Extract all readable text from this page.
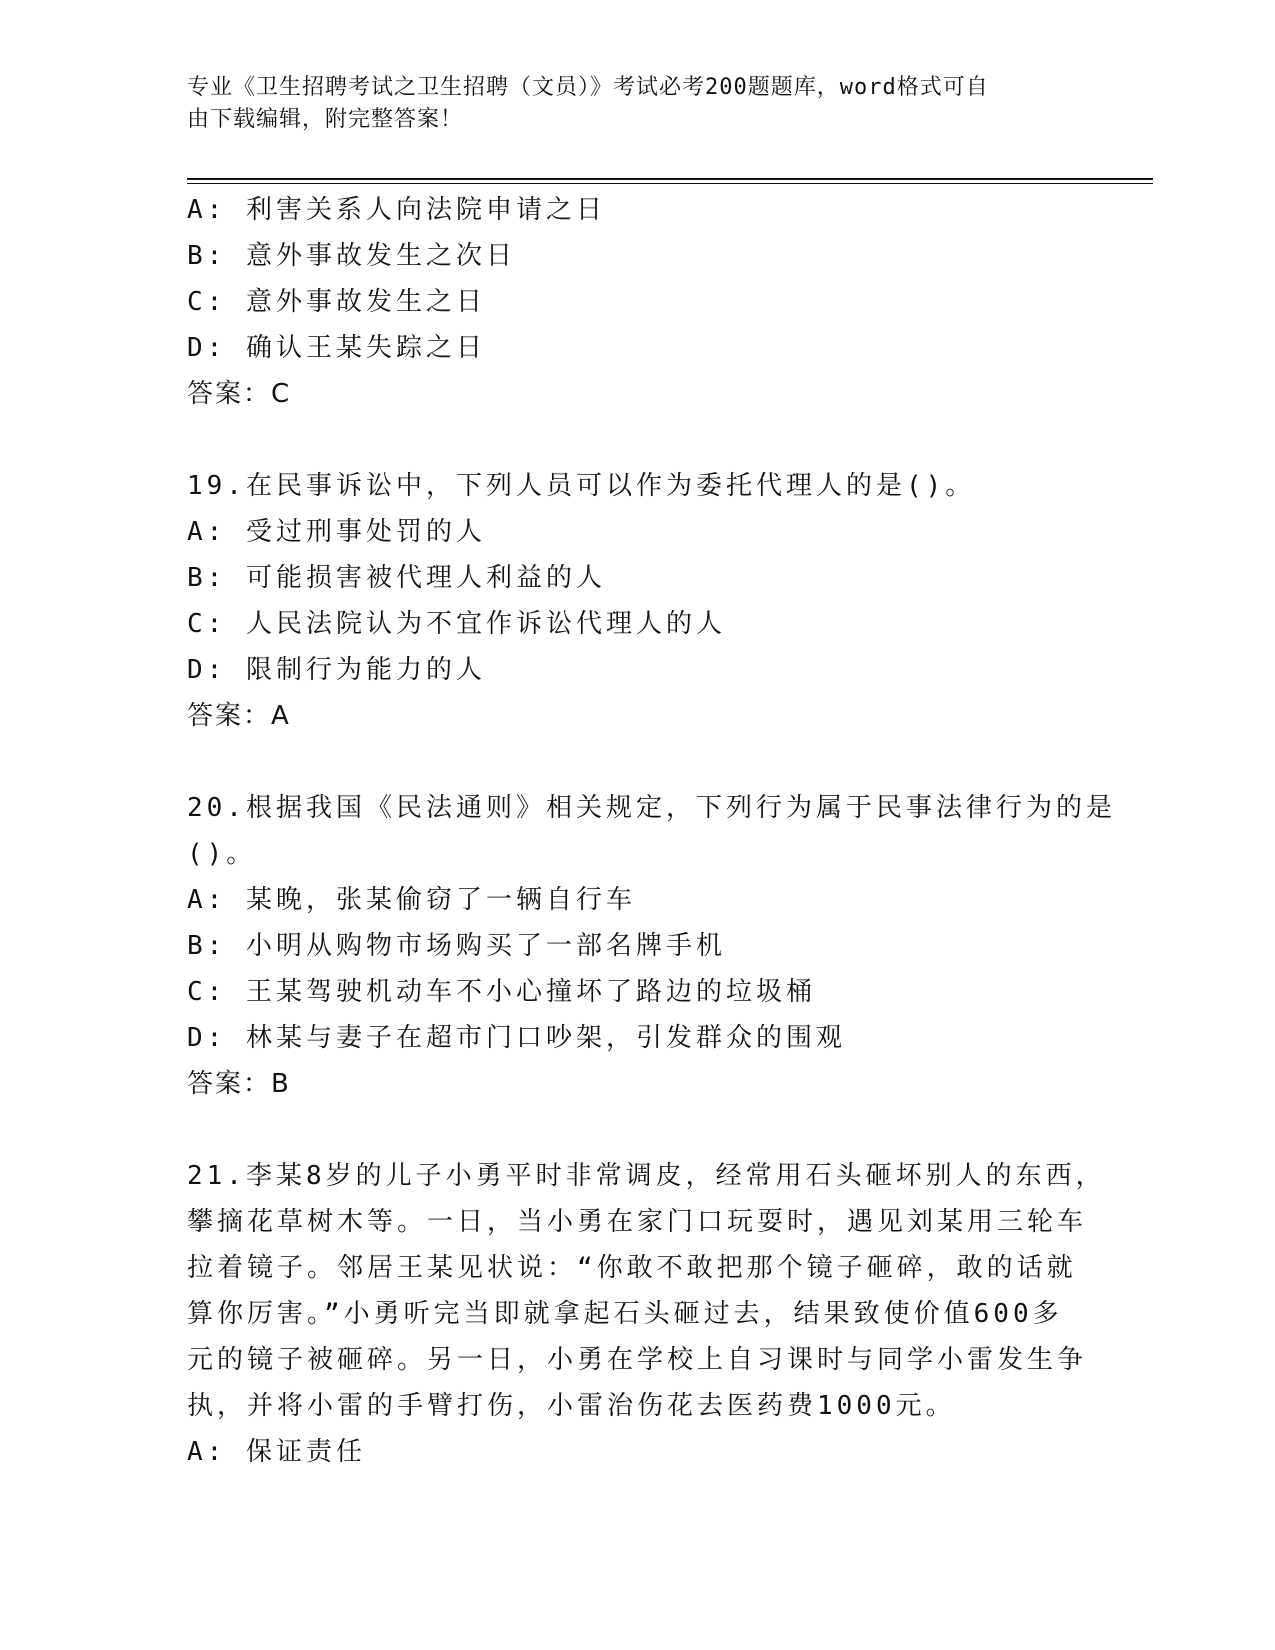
专业《卫生招聘考试之卫生招聘（文员）》考试必考200题题库，word格式可自
由下载编辑，附完整答案！
A: 利害关系人向法院申请之日
B: 意外事故发生之次日
C: 意外事故发生之日
D: 确认王某失踪之日
答案：C
19.在民事诉讼中，下列人员可以作为委托代理人的是()。
A: 受过刑事处罚的人
B: 可能损害被代理人利益的人
C: 人民法院认为不宜作诉讼代理人的人
D: 限制行为能力的人
答案：A
20.根据我国《民法通则》相关规定，下列行为属于民事法律行为的是
()。
A: 某晚，张某偷窃了一辆自行车
B: 小明从购物市场购买了一部名牌手机
C: 王某驾驶机动车不小心撞坏了路边的垃圾桶
D: 林某与妻子在超市门口吵架，引发群众的围观
答案：B
21.李某8岁的儿子小勇平时非常调皮，经常用石头砸坏别人的东西，
攀摘花草树木等。一日，当小勇在家门口玩耍时，遇见刘某用三轮车
拉着镜子。邻居王某见状说：“你敢不敢把那个镜子砸碎，敢的话就
算你厉害。”小勇听完当即就拿起石头砸过去，结果致使价值600多
元的镜子被砸碎。另一日，小勇在学校上自习课时与同学小雷发生争
执，并将小雷的手臂打伤，小雷治伤花去医药费1000元。
A: 保证责任
